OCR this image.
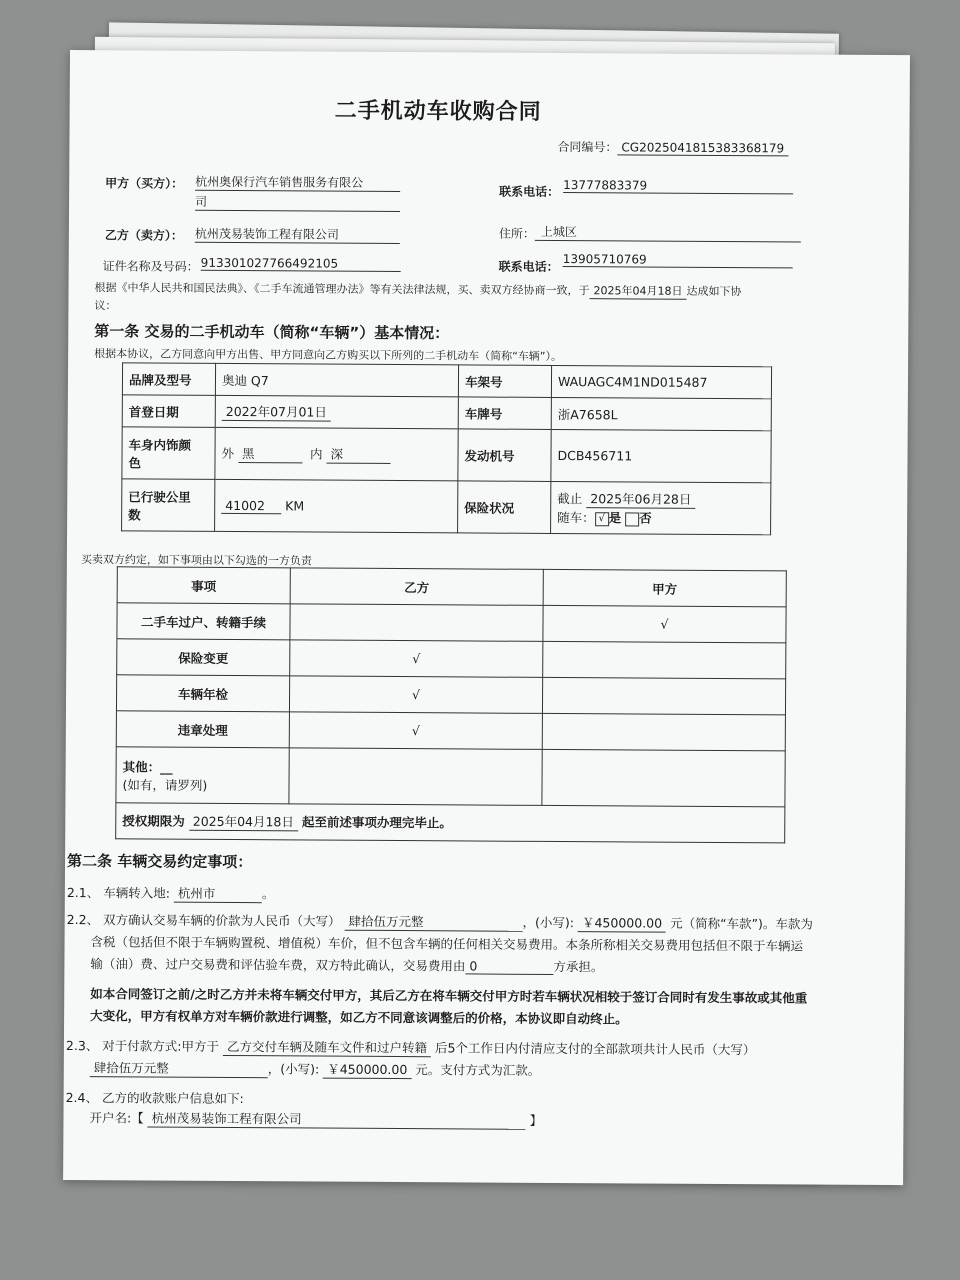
二手机动车收购合同
合同编号： CG2025041815383368179
甲方（买方）： 杭州奥保行汽车销售服务有限公
司
联系电话： 13777883379
乙方（卖方）： 杭州茂易装饰工程有限公司	住所： 上城区
证件名称及号码： 913301027766492105	联系电话：
13905710769
根据《中华人民共和国民法典》、《二手车流通管理办法》等有关法律法规，买、卖双方经协商一致，于 2025年04月18日 达成如下协
议：
第一条 交易的二手机动车（简称“车辆”）基本情况：
根据本协议，乙方同意向甲方出售、甲方同意向乙方购买以下所列的二手机动车（简称“车辆”）。
品牌及型号	奥迪 Q7	车架号	WAUAGC4M1ND015487
首登日期	2022年07月01日	车牌号	浙A7658L
车身内饰颜
色	外 黑 内 深	发动机号	DCB456711
已行驶公里
数	41002 KM	保险状况	截止 2025年06月28日
随车： √ 是 否
买卖双方约定，如下事项由以下勾选的一方负责
事项	乙方	甲方
二手车过户、转籍手续		√
保险变更	√	
车辆年检	√	
违章处理	√	
其他：__
(如有，请罗列)		
授权期限为 2025年04月18日 起至前述事项办理完毕止。		
第二条 车辆交易约定事项：
2.1、 车辆转入地: 杭州市	。
2.2、 双方确认交易车辆的价款为人民币（大写） 肆拾伍万元整	，(小写): ￥450000.00 元（简称“车款”)。车款为
含税（包括但不限于车辆购置税、增值税）车价，但不包含车辆的任何相关交易费用。本条所称相关交易费用包括但不限于车辆运
输（油）费、过户交易费和评估验车费，双方特此确认，交易费用由 0	方承担。
如本合同签订之前/之时乙方并未将车辆交付甲方，其后乙方在将车辆交付甲方时若车辆状况相较于签订合同时有发生事故或其他重
大变化，甲方有权单方对车辆价款进行调整，如乙方不同意该调整后的价格，本协议即自动终止。
2.3、 对于付款方式:甲方于 乙方交付车辆及随车文件和过户转籍 后5个工作日内付清应支付的全部款项共计人民币（大写）
肆拾伍万元整	，(小写): ￥450000.00 元。支付方式为汇款。
2.4、 乙方的收款账户信息如下:
开户名:【 杭州茂易装饰工程有限公司	】
